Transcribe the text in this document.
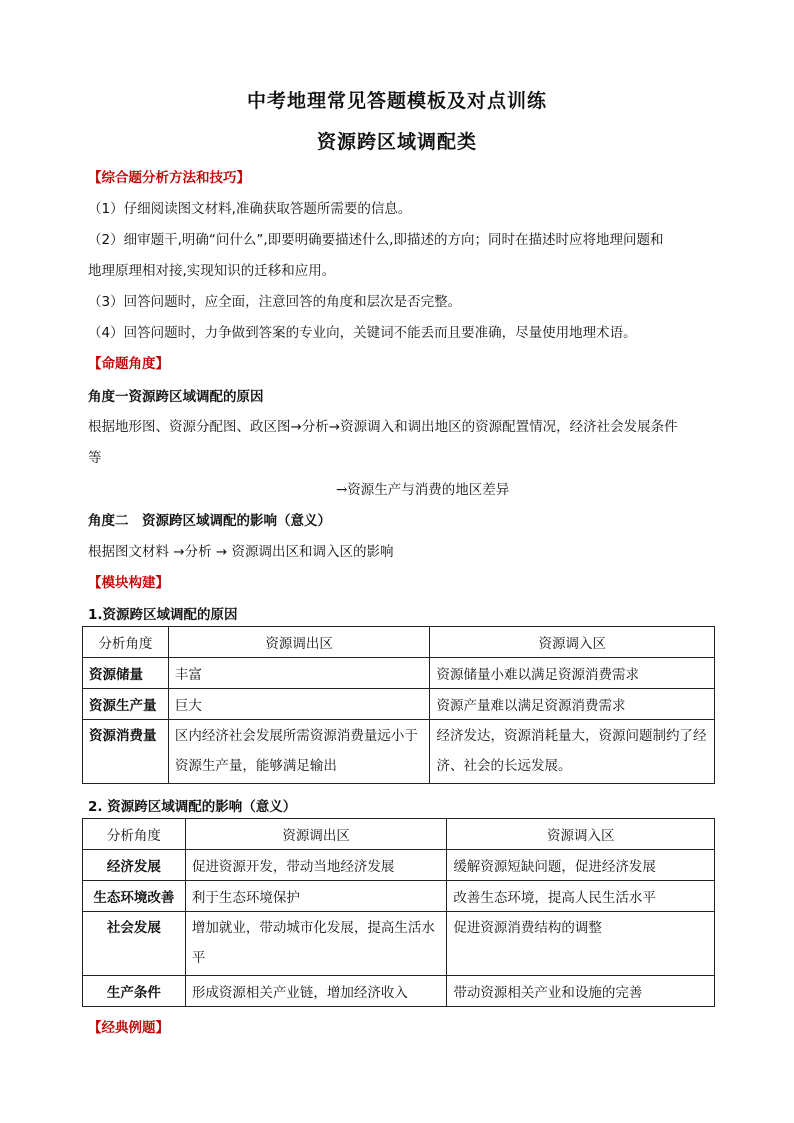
中考地理常见答题模板及对点训练
资源跨区域调配类
【综合题分析方法和技巧】
（1）仔细阅读图文材料,准确获取答题所需要的信息。
（2）细审题干,明确“问什么”,即要明确要描述什么,即描述的方向；同时在描述时应将地理问题和
地理原理相对接,实现知识的迁移和应用。
（3）回答问题时，应全面，注意回答的角度和层次是否完整。
（4）回答问题时，力争做到答案的专业向，关键词不能丢而且要准确，尽量使用地理术语。
【命题角度】
角度一资源跨区域调配的原因
根据地形图、资源分配图、政区图→分析→资源调入和调出地区的资源配置情况，经济社会发展条件
等
→资源生产与消费的地区差异
角度二　资源跨区域调配的影响（意义）
根据图文材料 →分析 → 资源调出区和调入区的影响
【模块构建】
1.资源跨区域调配的原因
分析角度	资源调出区	资源调入区
资源储量	丰富	资源储量小难以满足资源消费需求
资源生产量	巨大	资源产量难以满足资源消费需求
资源消费量	区内经济社会发展所需资源消费量远小于资源生产量，能够满足输出	经济发达，资源消耗量大，资源问题制约了经济、社会的长远发展。
2. 资源跨区域调配的影响（意义）
分析角度	资源调出区	资源调入区
经济发展	促进资源开发，带动当地经济发展	缓解资源短缺问题，促进经济发展
生态环境改善	利于生态环境保护	改善生态环境，提高人民生活水平
社会发展	增加就业，带动城市化发展，提高生活水平	促进资源消费结构的调整
生产条件	形成资源相关产业链，增加经济收入	带动资源相关产业和设施的完善
【经典例题】
